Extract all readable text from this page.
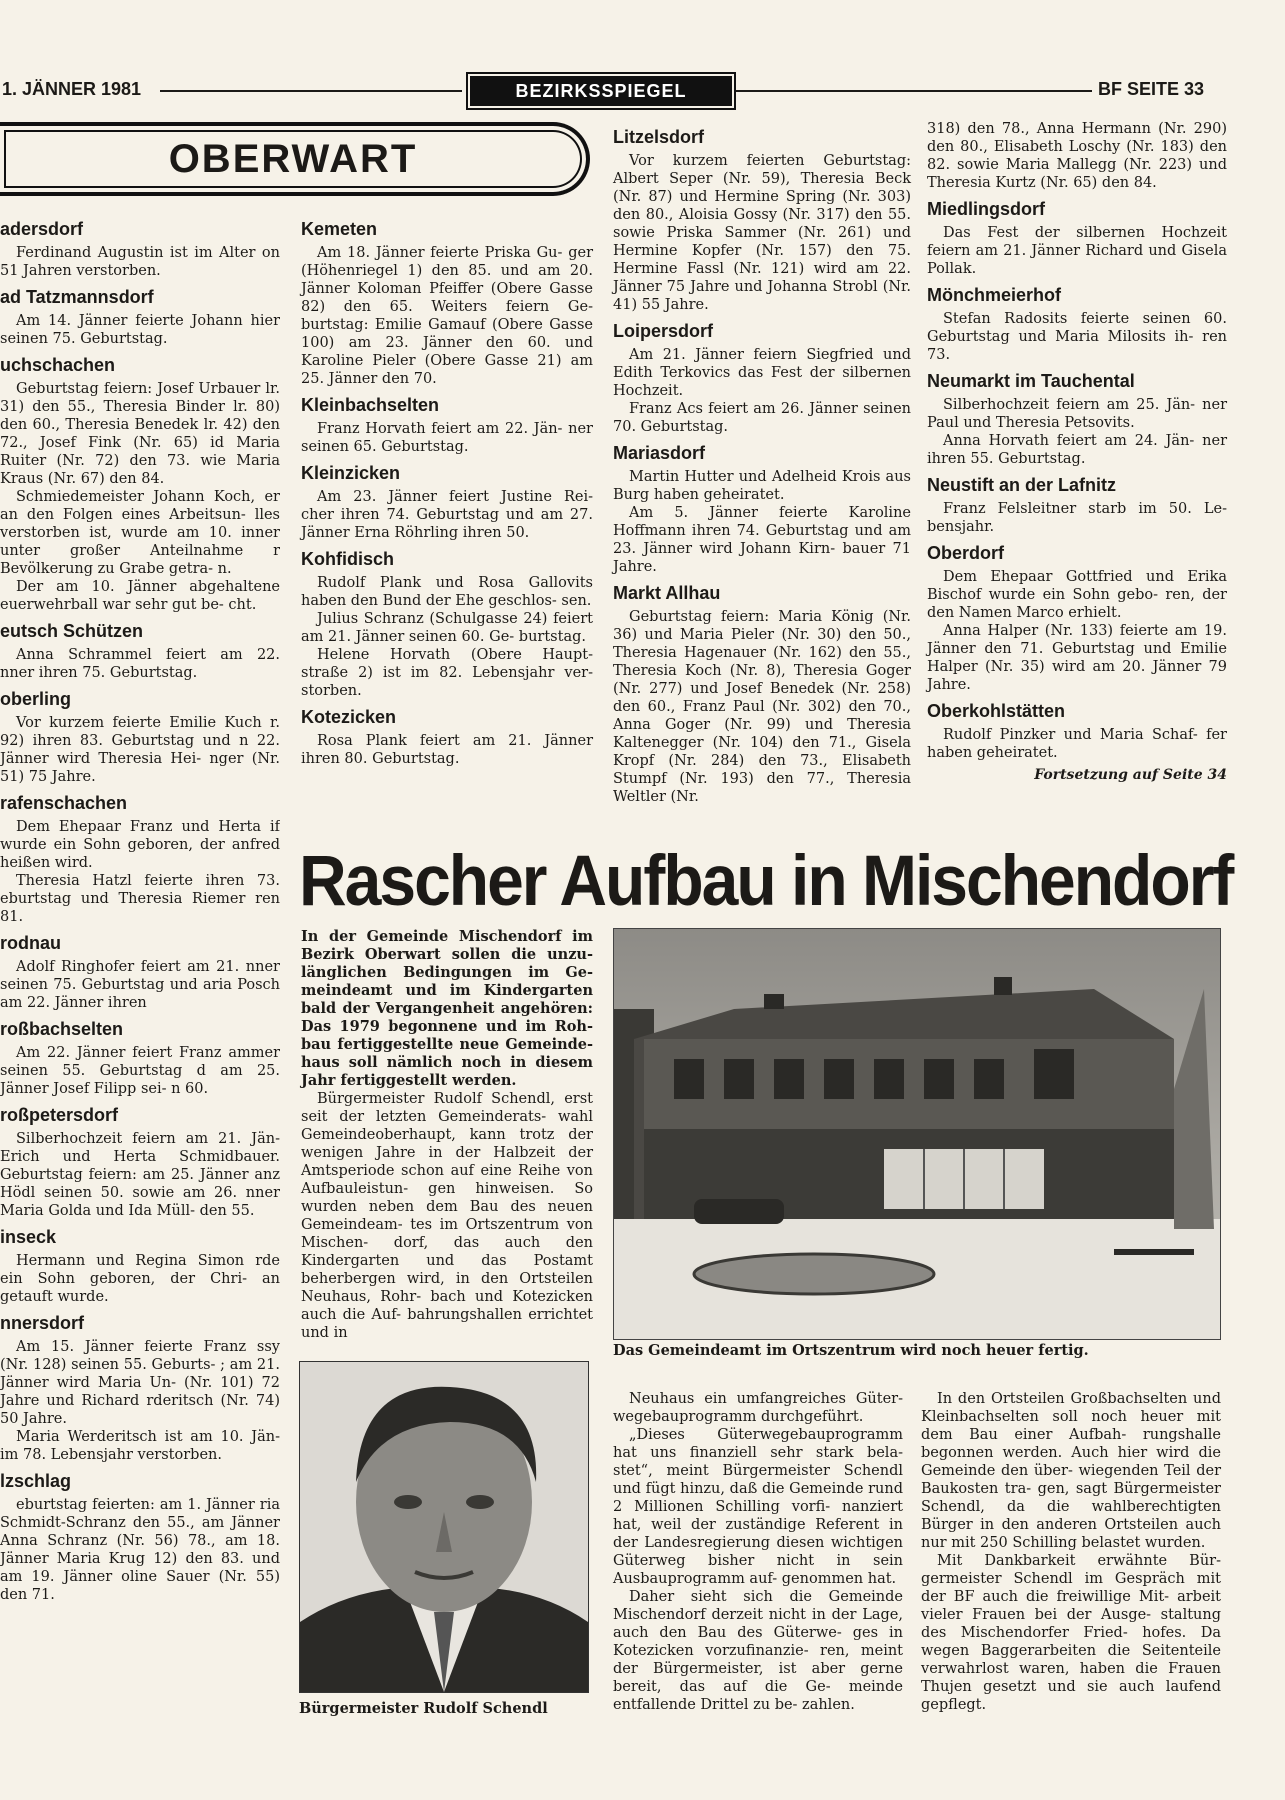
1. JÄNNER 1981	BEZIRKSSPIEGEL	BF SEITE 33
OBERWART
adersdorf

Ferdinand Augustin ist im Alter on 51 Jahren verstorben.

ad Tatzmannsdorf

Am 14. Jänner feierte Johann hier seinen 75. Geburtstag.

uchschachen

Geburtstag feiern: Josef Urbauer lr. 31) den 55., Theresia Binder lr. 80) den 60., Theresia Benedek lr. 42) den 72., Josef Fink (Nr. 65) id Maria Ruiter (Nr. 72) den 73. wie Maria Kraus (Nr. 67) den 84.

Schmiedemeister Johann Koch, er an den Folgen eines Arbeitsun- lles verstorben ist, wurde am 10. inner unter großer Anteilnahme r Bevölkerung zu Grabe getra- n.

Der am 10. Jänner abgehaltene euerwehrball war sehr gut be- cht.

eutsch Schützen

Anna Schrammel feiert am 22. nner ihren 75. Geburtstag.

oberling

Vor kurzem feierte Emilie Kuch r. 92) ihren 83. Geburtstag und n 22. Jänner wird Theresia Hei- nger (Nr. 51) 75 Jahre.

rafenschachen

Dem Ehepaar Franz und Herta if wurde ein Sohn geboren, der anfred heißen wird.

Theresia Hatzl feierte ihren 73. eburtstag und Theresia Riemer ren 81.

rodnau

Adolf Ringhofer feiert am 21. nner seinen 75. Geburtstag und aria Posch am 22. Jänner ihren

roßbachselten

Am 22. Jänner feiert Franz ammer seinen 55. Geburtstag d am 25. Jänner Josef Filipp sei- n 60.

roßpetersdorf

Silberhochzeit feiern am 21. Jän- Erich und Herta Schmidbauer. Geburtstag feiern: am 25. Jänner anz Hödl seinen 50. sowie am 26. nner Maria Golda und Ida Müll- den 55.

inseck

Hermann und Regina Simon rde ein Sohn geboren, der Chri- an getauft wurde.

nnersdorf

Am 15. Jänner feierte Franz ssy (Nr. 128) seinen 55. Geburts- ; am 21. Jänner wird Maria Un- (Nr. 101) 72 Jahre und Richard rderitsch (Nr. 74) 50 Jahre.

Maria Werderitsch ist am 10. Jän- im 78. Lebensjahr verstorben.

lzschlag

eburtstag feierten: am 1. Jänner ria Schmidt-Schranz den 55., am Jänner Anna Schranz (Nr. 56) 78., am 18. Jänner Maria Krug 12) den 83. und am 19. Jänner oline Sauer (Nr. 55) den 71.

Kemeten

Am 18. Jänner feierte Priska Gu- ger (Höhenriegel 1) den 85. und am 20. Jänner Koloman Pfeiffer (Obere Gasse 82) den 65. Weiters feiern Ge- burtstag: Emilie Gamauf (Obere Gasse 100) am 23. Jänner den 60. und Karoline Pieler (Obere Gasse 21) am 25. Jänner den 70.

Kleinbachselten

Franz Horvath feiert am 22. Jän- ner seinen 65. Geburtstag.

Kleinzicken

Am 23. Jänner feiert Justine Rei- cher ihren 74. Geburtstag und am 27. Jänner Erna Röhrling ihren 50.

Kohfidisch

Rudolf Plank und Rosa Gallovits haben den Bund der Ehe geschlos- sen.

Julius Schranz (Schulgasse 24) feiert am 21. Jänner seinen 60. Ge- burtstag.

Helene Horvath (Obere Haupt- straße 2) ist im 82. Lebensjahr ver- storben.

Kotezicken

Rosa Plank feiert am 21. Jänner ihren 80. Geburtstag.

Litzelsdorf

Vor kurzem feierten Geburtstag: Albert Seper (Nr. 59), Theresia Beck (Nr. 87) und Hermine Spring (Nr. 303) den 80., Aloisia Gossy (Nr. 317) den 55. sowie Priska Sammer (Nr. 261) und Hermine Kopfer (Nr. 157) den 75. Hermine Fassl (Nr. 121) wird am 22. Jänner 75 Jahre und Johanna Strobl (Nr. 41) 55 Jahre.

Loipersdorf

Am 21. Jänner feiern Siegfried und Edith Terkovics das Fest der silbernen Hochzeit.

Franz Acs feiert am 26. Jänner seinen 70. Geburtstag.

Mariasdorf

Martin Hutter und Adelheid Krois aus Burg haben geheiratet.

Am 5. Jänner feierte Karoline Hoffmann ihren 74. Geburtstag und am 23. Jänner wird Johann Kirn- bauer 71 Jahre.

Markt Allhau

Geburtstag feiern: Maria König (Nr. 36) und Maria Pieler (Nr. 30) den 50., Theresia Hagenauer (Nr. 162) den 55., Theresia Koch (Nr. 8), Theresia Goger (Nr. 277) und Josef Benedek (Nr. 258) den 60., Franz Paul (Nr. 302) den 70., Anna Goger (Nr. 99) und Theresia Kaltenegger (Nr. 104) den 71., Gisela Kropf (Nr. 284) den 73., Elisabeth Stumpf (Nr. 193) den 77., Theresia Weltler (Nr.

318) den 78., Anna Hermann (Nr. 290) den 80., Elisabeth Loschy (Nr. 183) den 82. sowie Maria Mallegg (Nr. 223) und Theresia Kurtz (Nr. 65) den 84.

Miedlingsdorf

Das Fest der silbernen Hochzeit feiern am 21. Jänner Richard und Gisela Pollak.

Mönchmeierhof

Stefan Radosits feierte seinen 60. Geburtstag und Maria Milosits ih- ren 73.

Neumarkt im Tauchental

Silberhochzeit feiern am 25. Jän- ner Paul und Theresia Petsovits.

Anna Horvath feiert am 24. Jän- ner ihren 55. Geburtstag.

Neustift an der Lafnitz

Franz Felsleitner starb im 50. Le- bensjahr.

Oberdorf

Dem Ehepaar Gottfried und Erika Bischof wurde ein Sohn gebo- ren, der den Namen Marco erhielt.

Anna Halper (Nr. 133) feierte am 19. Jänner den 71. Geburtstag und Emilie Halper (Nr. 35) wird am 20. Jänner 79 Jahre.

Oberkohlstätten

Rudolf Pinzker und Maria Schaf- fer haben geheiratet.

Fortsetzung auf Seite 34
Rascher Aufbau in Mischendorf

In der Gemeinde Mischendorf im Bezirk Oberwart sollen die unzu- länglichen Bedingungen im Ge- meindeamt und im Kindergarten bald der Vergangenheit angehören: Das 1979 begonnene und im Roh- bau fertiggestellte neue Gemeinde- haus soll nämlich noch in diesem Jahr fertiggestellt werden.

Bürgermeister Rudolf Schendl, erst seit der letzten Gemeinderats- wahl Gemeindeoberhaupt, kann trotz der wenigen Jahre in der Halbzeit der Amtsperiode schon auf eine Reihe von Aufbauleistun- gen hinweisen. So wurden neben dem Bau des neuen Gemeindeam- tes im Ortszentrum von Mischen- dorf, das auch den Kindergarten und das Postamt beherbergen wird, in den Ortsteilen Neuhaus, Rohr- bach und Kotezicken auch die Auf- bahrungshallen errichtet und in

Das Gemeindeamt im Ortszentrum wird noch heuer fertig.
Bürgermeister Rudolf Schendl

Neuhaus ein umfangreiches Güter- wegebauprogramm durchgeführt.

„Dieses Güterwegebauprogramm hat uns finanziell sehr stark bela- stet“, meint Bürgermeister Schendl und fügt hinzu, daß die Gemeinde rund 2 Millionen Schilling vorfi- nanziert hat, weil der zuständige Referent in der Landesregierung diesen wichtigen Güterweg bisher nicht in sein Ausbauprogramm auf- genommen hat.

Daher sieht sich die Gemeinde Mischendorf derzeit nicht in der Lage, auch den Bau des Güterwe- ges in Kotezicken vorzufinanzie- ren, meint der Bürgermeister, ist aber gerne bereit, das auf die Ge- meinde entfallende Drittel zu be- zahlen.

In den Ortsteilen Großbachselten und Kleinbachselten soll noch heuer mit dem Bau einer Aufbah- rungshalle begonnen werden. Auch hier wird die Gemeinde den über- wiegenden Teil der Baukosten tra- gen, sagt Bürgermeister Schendl, da die wahlberechtigten Bürger in den anderen Ortsteilen auch nur mit 250 Schilling belastet wurden.

Mit Dankbarkeit erwähnte Bür- germeister Schendl im Gespräch mit der BF auch die freiwillige Mit- arbeit vieler Frauen bei der Ausge- staltung des Mischendorfer Fried- hofes. Da wegen Baggerarbeiten die Seitenteile verwahrlost waren, haben die Frauen Thujen gesetzt und sie auch laufend gepflegt.
